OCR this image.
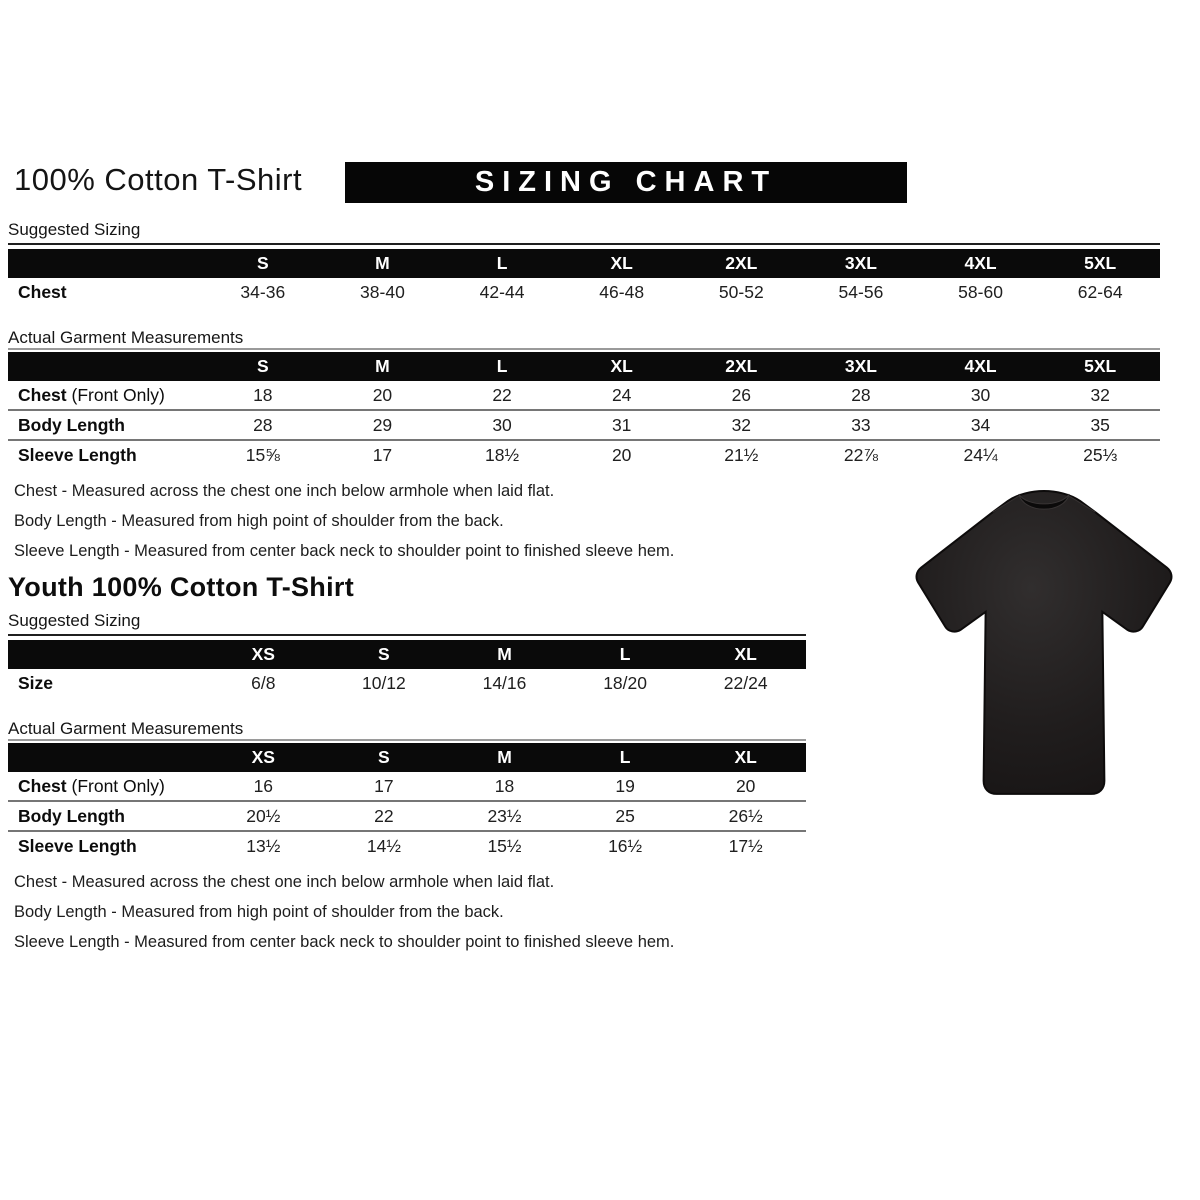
100% Cotton T-Shirt	SIZING CHART
Suggested Sizing
S	M	L	XL	2XL	3XL	4XL	5XL
Chest	34-36	38-40	42-44	46-48	50-52	54-56	58-60	62-64
Actual Garment Measurements
S	M	L	XL	2XL	3XL	4XL	5XL
Chest (Front Only)	18	20	22	24	26	28	30	32
Body Length	28	29	30	31	32	33	34	35
Sleeve Length	15⅝	17	18½	20	21½	22⅞	24¼	25⅓
Chest - Measured across the chest one inch below armhole when laid flat.
Body Length - Measured from high point of shoulder from the back.
Sleeve Length - Measured from center back neck to shoulder point to finished sleeve hem.
Youth 100% Cotton T-Shirt
Suggested Sizing
XS	S	M	L	XL
Size	6/8	10/12	14/16	18/20	22/24
Actual Garment Measurements
XS	S	M	L	XL
Chest (Front Only)	16	17	18	19	20
Body Length	20½	22	23½	25	26½
Sleeve Length	13½	14½	15½	16½	17½
Chest - Measured across the chest one inch below armhole when laid flat.
Body Length - Measured from high point of shoulder from the back.
Sleeve Length - Measured from center back neck to shoulder point to finished sleeve hem.
